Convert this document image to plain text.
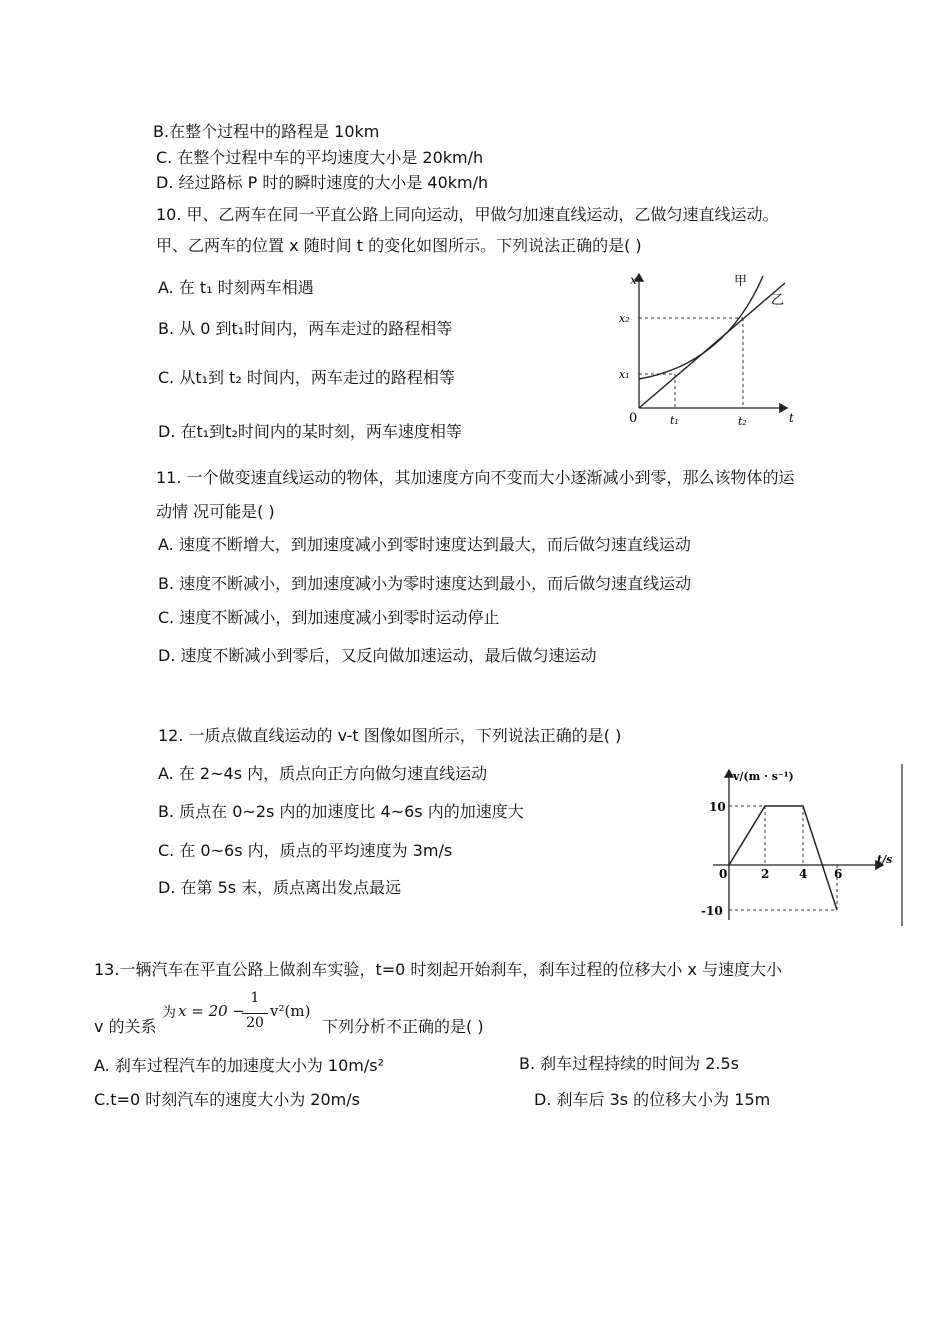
B.在整个过程中的路程是 10km
C. 在整个过程中车的平均速度大小是 20km/h
D. 经过路标 P 时的瞬时速度的大小是 40km/h
10. 甲、乙两车在同一平直公路上同向运动，甲做匀加速直线运动，乙做匀速直线运动。
甲、乙两车的位置 x 随时间 t 的变化如图所示。下列说法正确的是( )
A. 在 t₁ 时刻两车相遇
B. 从 0 到t₁时间内，两车走过的路程相等
C. 从t₁到 t₂ 时间内，两车走过的路程相等
D. 在t₁到t₂时间内的某时刻，两车速度相等
x
t
0
甲
乙
t₁	t₂
x₁
x₂
11. 一个做变速直线运动的物体，其加速度方向不变而大小逐渐减小到零，那么该物体的运
动情 况可能是( )
A. 速度不断增大，到加速度减小到零时速度达到最大，而后做匀速直线运动
B. 速度不断减小，到加速度减小为零时速度达到最小，而后做匀速直线运动
C. 速度不断减小，到加速度减小到零时运动停止
D. 速度不断减小到零后，又反向做加速运动，最后做匀速运动
12. 一质点做直线运动的 v-t 图像如图所示，下列说法正确的是( )
A. 在 2~4s 内，质点向正方向做匀速直线运动
B. 质点在 0~2s 内的加速度比 4~6s 内的加速度大
C. 在 0~6s 内，质点的平均速度为 3m/s
D. 在第 5s 末，质点离出发点最远
v/(m · s⁻¹)
t/s
0
10
-10
2 4 6
13.一辆汽车在平直公路上做刹车实验，t=0 时刻起开始刹车，刹车过程的位移大小 x 与速度大小
v 的关系
为 x = 20 −
1
20
v²(m)
下列分析不正确的是( )
A. 刹车过程汽车的加速度大小为 10m/s²	B. 刹车过程持续的时间为 2.5s
C.t=0 时刻汽车的速度大小为 20m/s	D. 刹车后 3s 的位移大小为 15m
